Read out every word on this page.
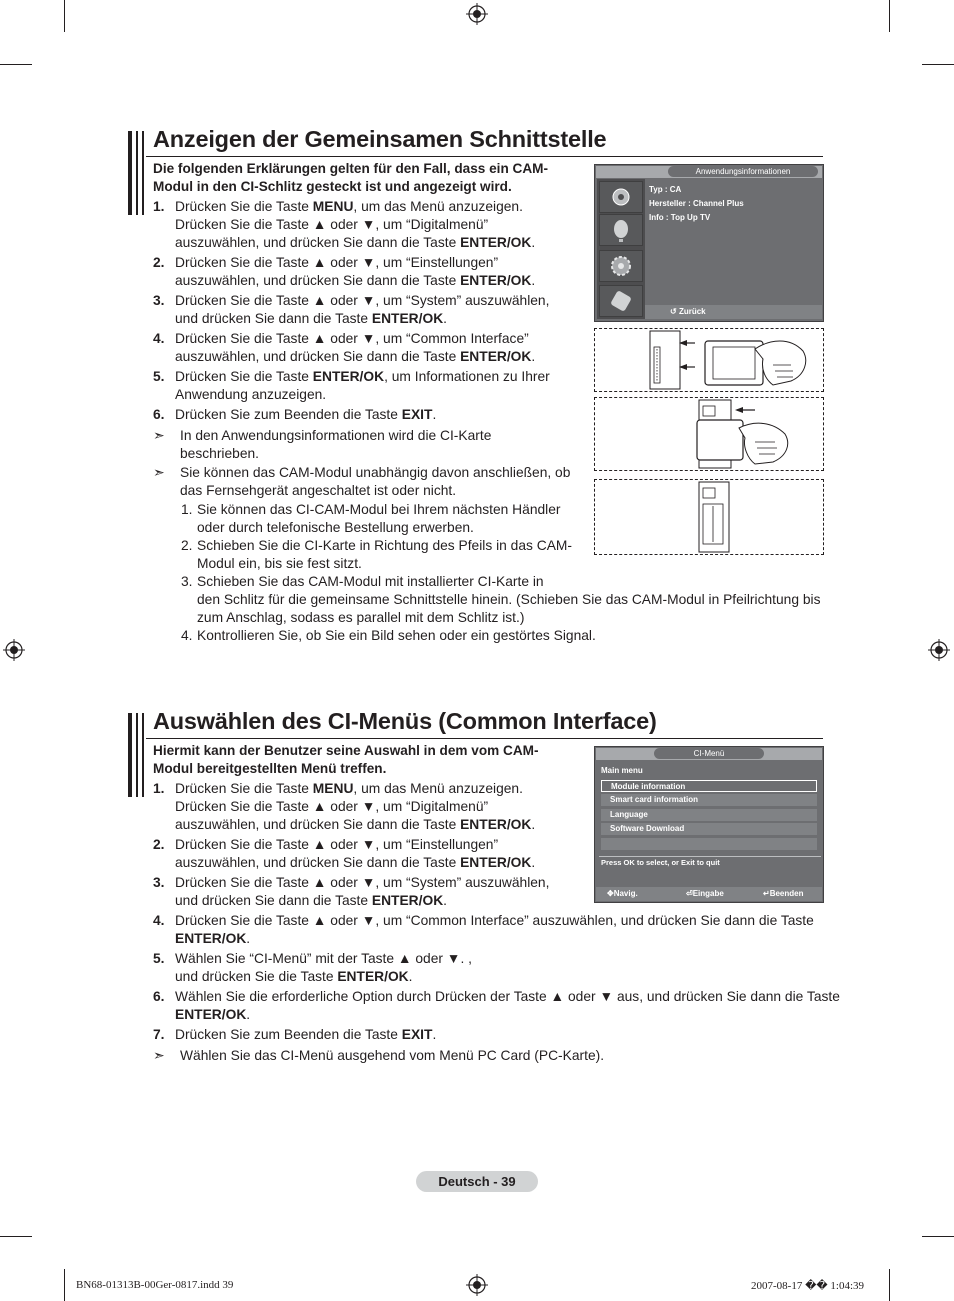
Anzeigen der Gemeinsamen Schnittstelle
Die folgenden Erklärungen gelten für den Fall, dass ein CAM-Modul in den CI-Schlitz gesteckt ist und angezeigt wird.
1. Drücken Sie die Taste MENU, um das Menü anzuzeigen. Drücken Sie die Taste ▲ oder ▼, um “Digitalmenü” auszuwählen, und drücken Sie dann die Taste ENTER/OK.
2. Drücken Sie die Taste ▲ oder ▼, um “Einstellungen” auszuwählen, und drücken Sie dann die Taste ENTER/OK.
3. Drücken Sie die Taste ▲ oder ▼, um “System” auszuwählen, und drücken Sie dann die Taste ENTER/OK.
4. Drücken Sie die Taste ▲ oder ▼, um “Common Interface” auszuwählen, und drücken Sie dann die Taste ENTER/OK.
5. Drücken Sie die Taste ENTER/OK, um Informationen zu Ihrer Anwendung anzuzeigen.
6. Drücken Sie zum Beenden die Taste EXIT.
➣ In den Anwendungsinformationen wird die CI-Karte beschrieben.
➣ Sie können das CAM-Modul unabhängig davon anschließen, ob das Fernsehgerät angeschaltet ist oder nicht.
1. Sie können das CI-CAM-Modul bei Ihrem nächsten Händler oder durch telefonische Bestellung erwerben.
2. Schieben Sie die CI-Karte in Richtung des Pfeils in das CAM-Modul ein, bis sie fest sitzt.
3. Schieben Sie das CAM-Modul mit installierter CI-Karte in
den Schlitz für die gemeinsame Schnittstelle hinein. (Schieben Sie das CAM-Modul in Pfeilrichtung bis zum Anschlag, sodass es parallel mit dem Schlitz ist.)
4. Kontrollieren Sie, ob Sie ein Bild sehen oder ein gestörtes Signal.
Anwendungsinformationen
Typ : CA
Hersteller : Channel Plus
Info : Top Up TV
↺ Zurück
Auswählen des CI-Menüs (Common Interface)
Hiermit kann der Benutzer seine Auswahl in dem vom CAM-Modul bereitgestellten Menü treffen.
1. Drücken Sie die Taste MENU, um das Menü anzuzeigen. Drücken Sie die Taste ▲ oder ▼, um “Digitalmenü” auszuwählen, und drücken Sie dann die Taste ENTER/OK.
2. Drücken Sie die Taste ▲ oder ▼, um “Einstellungen” auszuwählen, und drücken Sie dann die Taste ENTER/OK.
3. Drücken Sie die Taste ▲ oder ▼, um “System” auszuwählen, und drücken Sie dann die Taste ENTER/OK.
4. Drücken Sie die Taste ▲ oder ▼, um “Common Interface” auszuwählen, und drücken Sie dann die Taste ENTER/OK.
5. Wählen Sie “CI-Menü” mit der Taste ▲ oder ▼. , und drücken Sie die Taste ENTER/OK.
6. Wählen Sie die erforderliche Option durch Drücken der Taste ▲ oder ▼ aus, und drücken Sie dann die Taste ENTER/OK.
7. Drücken Sie zum Beenden die Taste EXIT.
➣ Wählen Sie das CI-Menü ausgehend vom Menü PC Card (PC-Karte).
CI-Menü
Main menu
Module information
Smart card information
Language
Software Download
Press OK to select, or Exit to quit
✥Navig.	⏎Eingabe	↵Beenden
Deutsch - 39
BN68-01313B-00Ger-0817.indd 39	2007-08-17 �� 1:04:39
